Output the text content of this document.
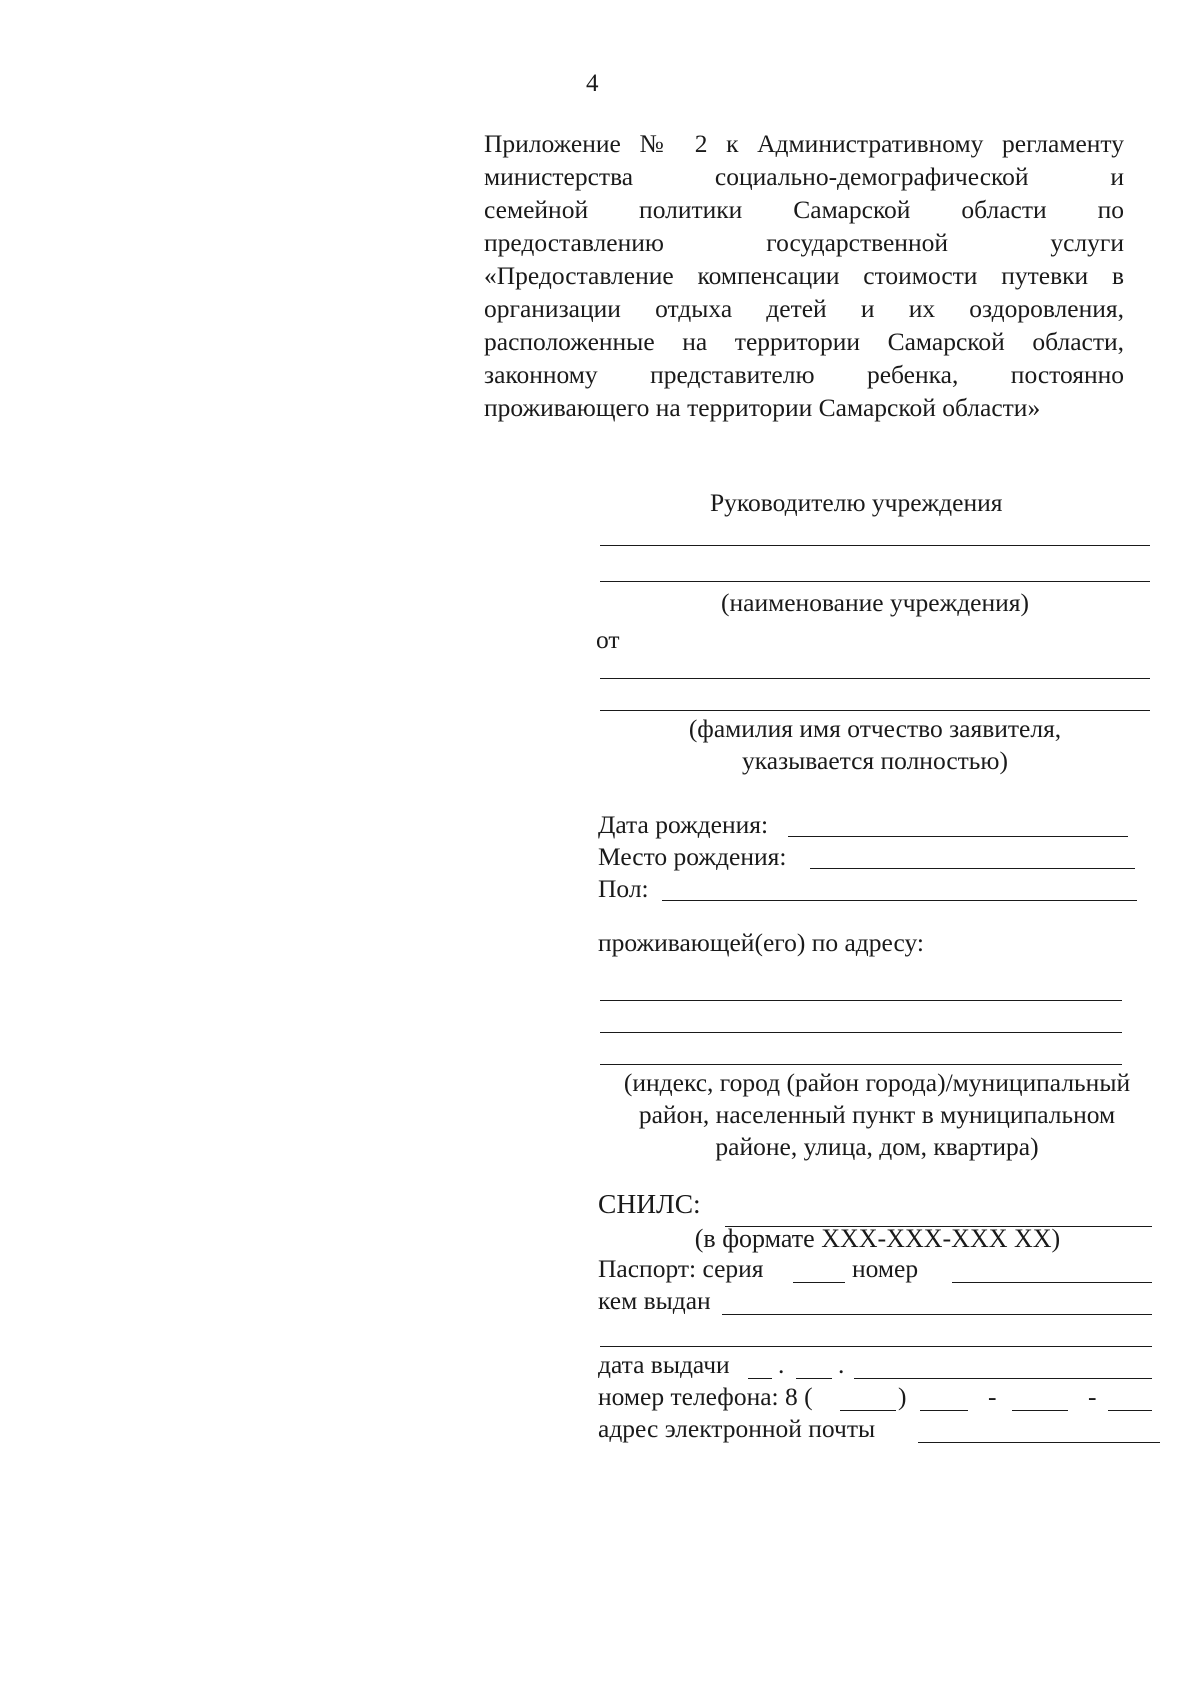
4
Приложение № 2 к Административному регламенту
министерства социально-демографической и
семейной политики Самарской области по
предоставлению государственной услуги
«Предоставление компенсации стоимости путевки в
организации отдыха детей и их оздоровления,
расположенные на территории Самарской области,
законному представителю ребенка, постоянно
проживающего на территории Самарской области»
Руководителю учреждения
(наименование учреждения)
от
(фамилия имя отчество заявителя,
указывается полностью)
Дата рождения:
Место рождения:
Пол:
проживающей(его) по адресу:
(индекс, город (район города)/муниципальный
район, населенный пункт в муниципальном
районе, улица, дом, квартира)
СНИЛС:
(в формате XXX-XXX-XXX XX)
Паспорт: серия	номер
кем выдан
дата выдачи . .
номер телефона: 8 (	)	-	-
адрес электронной почты
